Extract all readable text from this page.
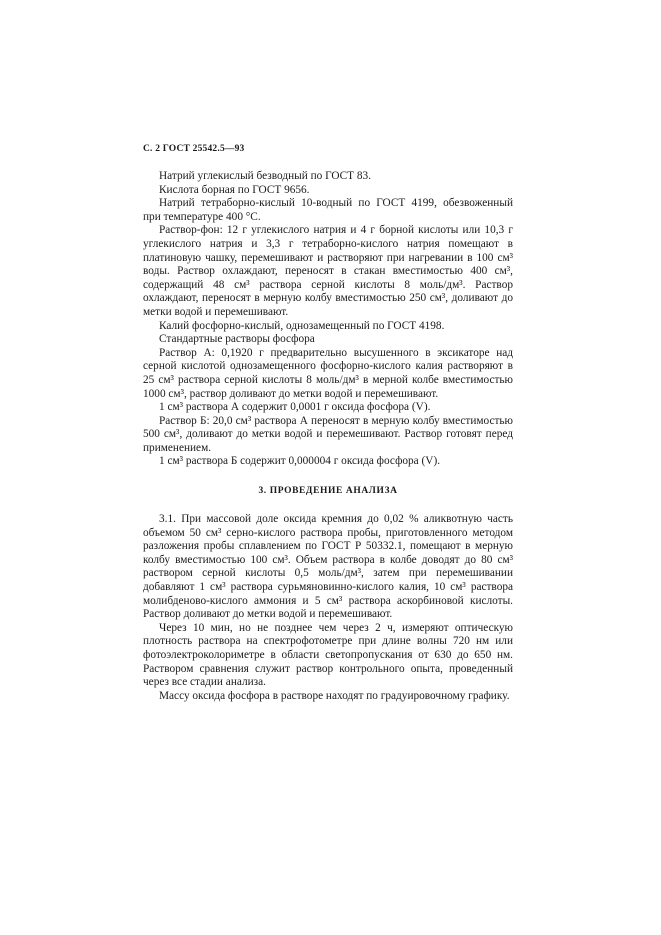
С. 2 ГОСТ 25542.5—93

Натрий углекислый безводный по ГОСТ 83.

Кислота борная по ГОСТ 9656.

Натрий тетраборно-кислый 10-водный по ГОСТ 4199, обезвоженный при температуре 400 °С.

Раствор-фон: 12 г углекислого натрия и 4 г борной кислоты или 10,3 г углекислого натрия и 3,3 г тетраборно-кислого натрия помещают в платиновую чашку, перемешивают и растворяют при нагревании в 100 см³ воды. Раствор охлаждают, переносят в стакан вместимостью 400 см³, содержащий 48 см³ раствора серной кислоты 8 моль/дм³. Раствор охлаждают, переносят в мерную колбу вместимостью 250 см³, доливают до метки водой и перемешивают.

Калий фосфорно-кислый, однозамещенный по ГОСТ 4198.

Стандартные растворы фосфора

Раствор А: 0,1920 г предварительно высушенного в эксикаторе над серной кислотой однозамещенного фосфорно-кислого калия растворяют в 25 см³ раствора серной кислоты 8 моль/дм³ в мерной колбе вместимостью 1000 см³, раствор доливают до метки водой и перемешивают.

1 см³ раствора А содержит 0,0001 г оксида фосфора (V).

Раствор Б: 20,0 см³ раствора А переносят в мерную колбу вместимостью 500 см³, доливают до метки водой и перемешивают. Раствор готовят перед применением.

1 см³ раствора Б содержит 0,000004 г оксида фосфора (V).

3. ПРОВЕДЕНИЕ АНАЛИЗА

3.1. При массовой доле оксида кремния до 0,02 % аликвотную часть объемом 50 см³ серно-кислого раствора пробы, приготовленного методом разложения пробы сплавлением по ГОСТ Р 50332.1, помещают в мерную колбу вместимостью 100 см³. Объем раствора в колбе доводят до 80 см³ раствором серной кислоты 0,5 моль/дм³, затем при перемешивании добавляют 1 см³ раствора сурьмяновинно-кислого калия, 10 см³ раствора молибденово-кислого аммония и 5 см³ раствора аскорбиновой кислоты. Раствор доливают до метки водой и перемешивают.

Через 10 мин, но не позднее чем через 2 ч, измеряют оптическую плотность раствора на спектрофотометре при длине волны 720 нм или фотоэлектроколориметре в области светопропускания от 630 до 650 нм. Раствором сравнения служит раствор контрольного опыта, проведенный через все стадии анализа.

Массу оксида фосфора в растворе находят по градуировочному графику.
